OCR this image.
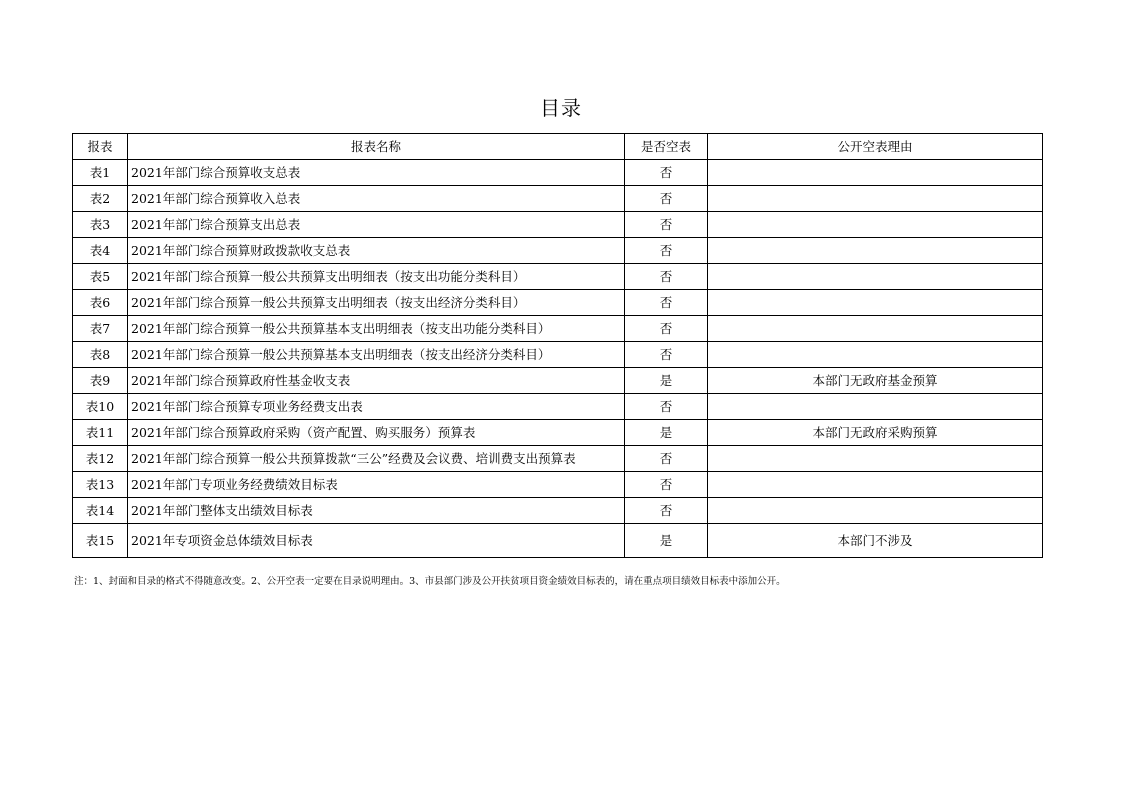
目录
报表	报表名称	是否空表	公开空表理由
表1	2021年部门综合预算收支总表	否	
表2	2021年部门综合预算收入总表	否	
表3	2021年部门综合预算支出总表	否	
表4	2021年部门综合预算财政拨款收支总表	否	
表5	2021年部门综合预算一般公共预算支出明细表（按支出功能分类科目）	否	
表6	2021年部门综合预算一般公共预算支出明细表（按支出经济分类科目）	否	
表7	2021年部门综合预算一般公共预算基本支出明细表（按支出功能分类科目）	否	
表8	2021年部门综合预算一般公共预算基本支出明细表（按支出经济分类科目）	否	
表9	2021年部门综合预算政府性基金收支表	是	本部门无政府基金预算
表10	2021年部门综合预算专项业务经费支出表	否	
表11	2021年部门综合预算政府采购（资产配置、购买服务）预算表	是	本部门无政府采购预算
表12	2021年部门综合预算一般公共预算拨款“三公”经费及会议费、培训费支出预算表	否	
表13	2021年部门专项业务经费绩效目标表	否	
表14	2021年部门整体支出绩效目标表	否	
表15	2021年专项资金总体绩效目标表	是	本部门不涉及
注：1、封面和目录的格式不得随意改变。2、公开空表一定要在目录说明理由。3、市县部门涉及公开扶贫项目资金绩效目标表的，请在重点项目绩效目标表中添加公开。
